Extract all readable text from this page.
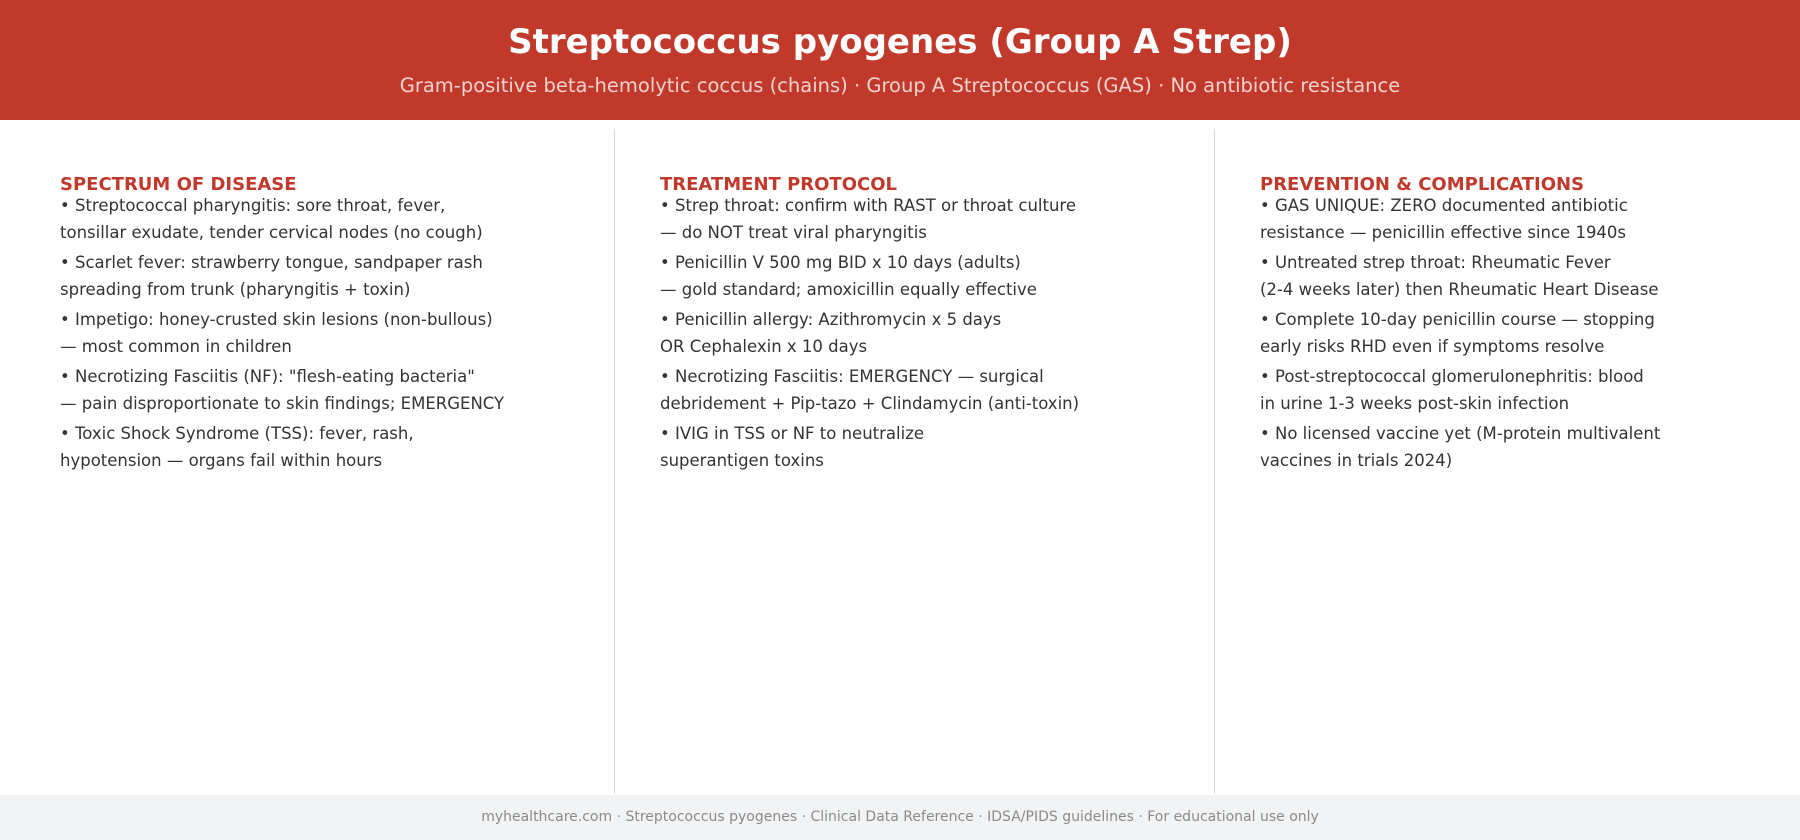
Streptococcus pyogenes (Group A Strep)
Gram-positive beta-hemolytic coccus (chains) · Group A Streptococcus (GAS) · No antibiotic resistance
SPECTRUM OF DISEASE
• Streptococcal pharyngitis: sore throat, fever,
tonsillar exudate, tender cervical nodes (no cough)
• Scarlet fever: strawberry tongue, sandpaper rash
spreading from trunk (pharyngitis + toxin)
• Impetigo: honey-crusted skin lesions (non-bullous)
— most common in children
• Necrotizing Fasciitis (NF): "flesh-eating bacteria"
— pain disproportionate to skin findings; EMERGENCY
• Toxic Shock Syndrome (TSS): fever, rash,
hypotension — organs fail within hours
TREATMENT PROTOCOL
• Strep throat: confirm with RAST or throat culture
— do NOT treat viral pharyngitis
• Penicillin V 500 mg BID x 10 days (adults)
— gold standard; amoxicillin equally effective
• Penicillin allergy: Azithromycin x 5 days
OR Cephalexin x 10 days
• Necrotizing Fasciitis: EMERGENCY — surgical
debridement + Pip-tazo + Clindamycin (anti-toxin)
• IVIG in TSS or NF to neutralize
superantigen toxins
PREVENTION & COMPLICATIONS
• GAS UNIQUE: ZERO documented antibiotic
resistance — penicillin effective since 1940s
• Untreated strep throat: Rheumatic Fever
(2-4 weeks later) then Rheumatic Heart Disease
• Complete 10-day penicillin course — stopping
early risks RHD even if symptoms resolve
• Post-streptococcal glomerulonephritis: blood
in urine 1-3 weeks post-skin infection
• No licensed vaccine yet (M-protein multivalent
vaccines in trials 2024)
myhealthcare.com · Streptococcus pyogenes · Clinical Data Reference · IDSA/PIDS guidelines · For educational use only
